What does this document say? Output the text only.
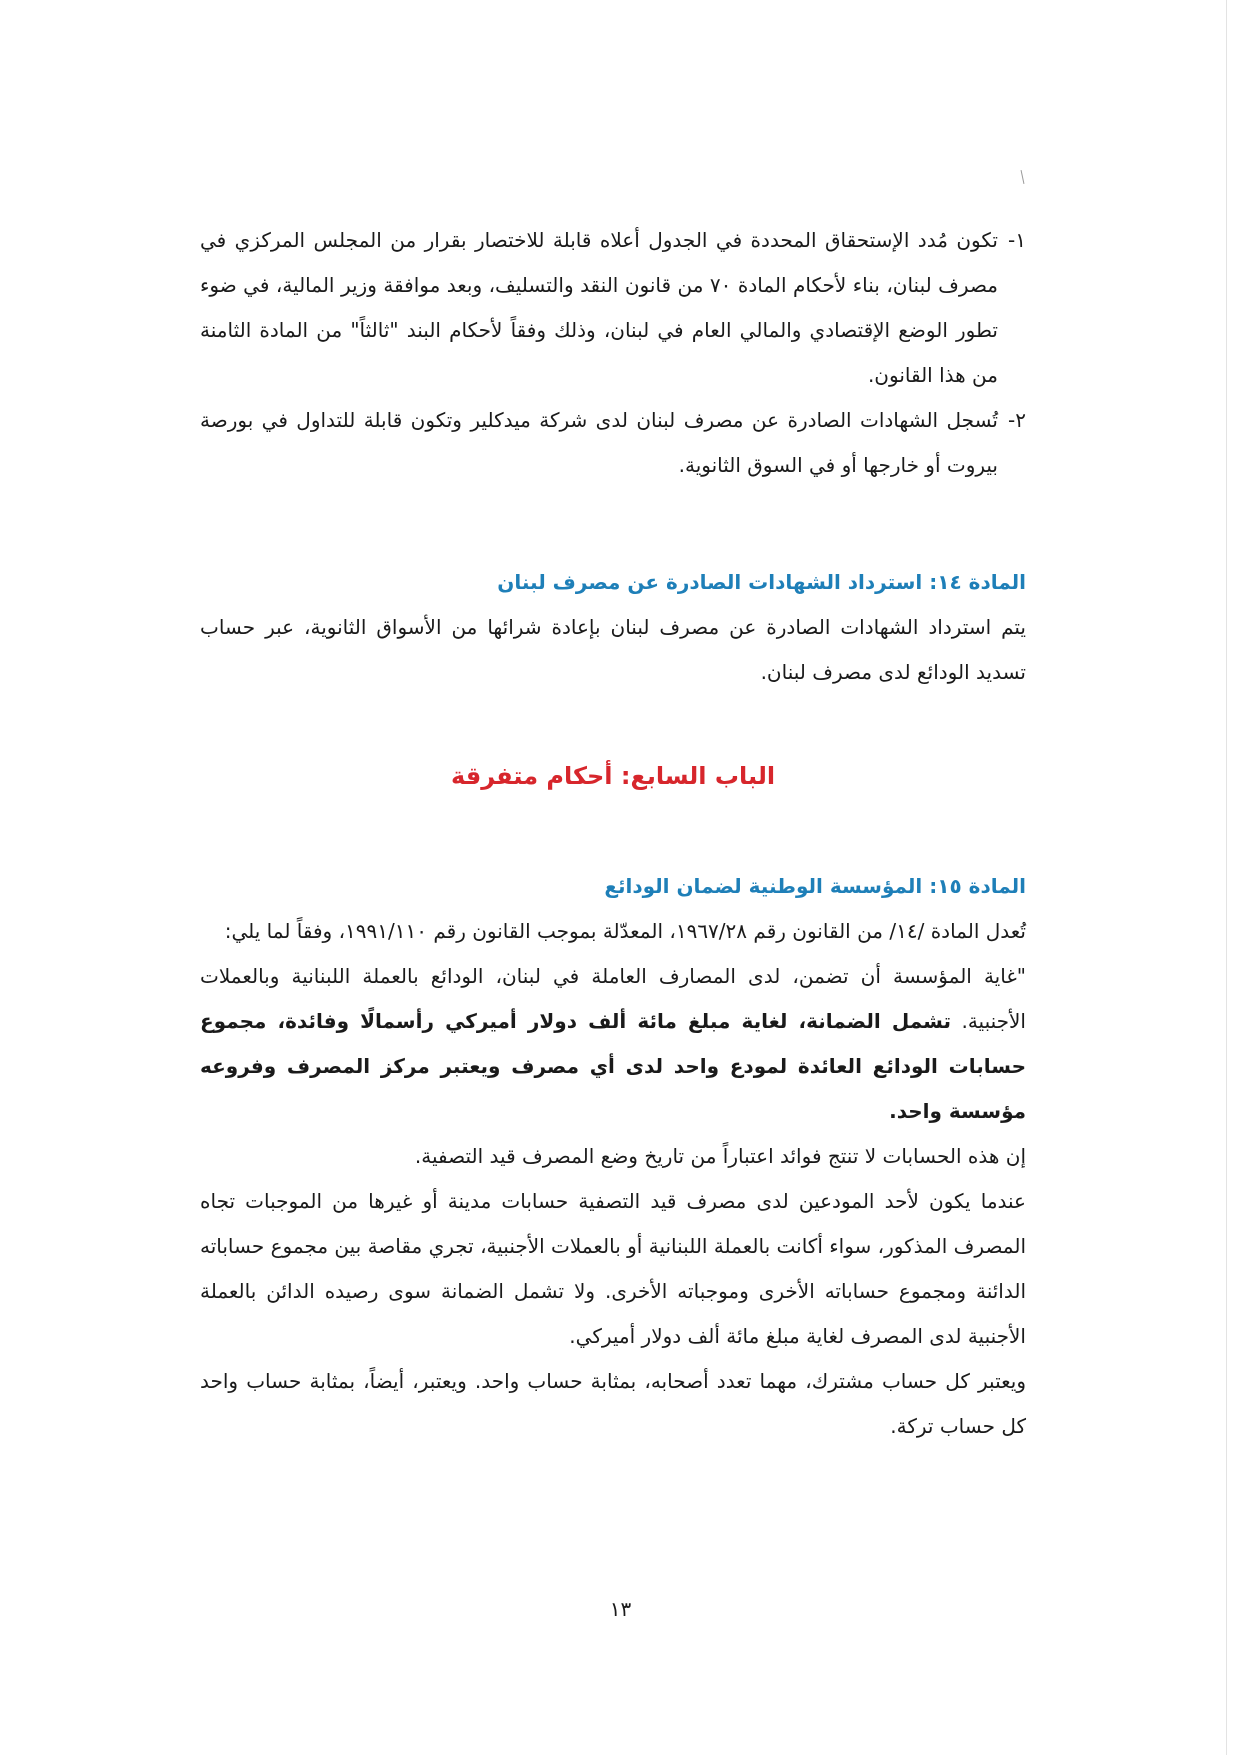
١-
تكون مُدد الإستحقاق المحددة في الجدول أعلاه قابلة للاختصار بقرار من المجلس المركزي في مصرف لبنان، بناء لأحكام المادة ٧٠ من قانون النقد والتسليف، وبعد موافقة وزير المالية، في ضوء تطور الوضع الإقتصادي والمالي العام في لبنان، وذلك وفقاً لأحكام البند "ثالثاً" من المادة الثامنة من هذا القانون.
٢-
تُسجل الشهادات الصادرة عن مصرف لبنان لدى شركة ميدكلير وتكون قابلة للتداول في بورصة بيروت أو خارجها أو في السوق الثانوية.
المادة ١٤: استرداد الشهادات الصادرة عن مصرف لبنان
يتم استرداد الشهادات الصادرة عن مصرف لبنان بإعادة شرائها من الأسواق الثانوية، عبر حساب تسديد الودائع لدى مصرف لبنان.
الباب السابع: أحكام متفرقة
المادة ١٥: المؤسسة الوطنية لضمان الودائع
تُعدل المادة /١٤/ من القانون رقم ١٩٦٧/٢٨، المعدّلة بموجب القانون رقم ١٩٩١/١١٠، وفقاً لما يلي:
"غاية المؤسسة أن تضمن، لدى المصارف العاملة في لبنان، الودائع بالعملة اللبنانية وبالعملات الأجنبية. تشمل الضمانة، لغاية مبلغ مائة ألف دولار أميركي رأسمالًا وفائدة، مجموع حسابات الودائع العائدة لمودع واحد لدى أي مصرف ويعتبر مركز المصرف وفروعه مؤسسة واحد.
إن هذه الحسابات لا تنتج فوائد اعتباراً من تاريخ وضع المصرف قيد التصفية.
عندما يكون لأحد المودعين لدى مصرف قيد التصفية حسابات مدينة أو غيرها من الموجبات تجاه المصرف المذكور، سواء أكانت بالعملة اللبنانية أو بالعملات الأجنبية، تجري مقاصة بين مجموع حساباته الدائنة ومجموع حساباته الأخرى وموجباته الأخرى. ولا تشمل الضمانة سوى رصيده الدائن بالعملة الأجنبية لدى المصرف لغاية مبلغ مائة ألف دولار أميركي.
ويعتبر كل حساب مشترك، مهما تعدد أصحابه، بمثابة حساب واحد. ويعتبر، أيضاً، بمثابة حساب واحد كل حساب تركة.
١٣
